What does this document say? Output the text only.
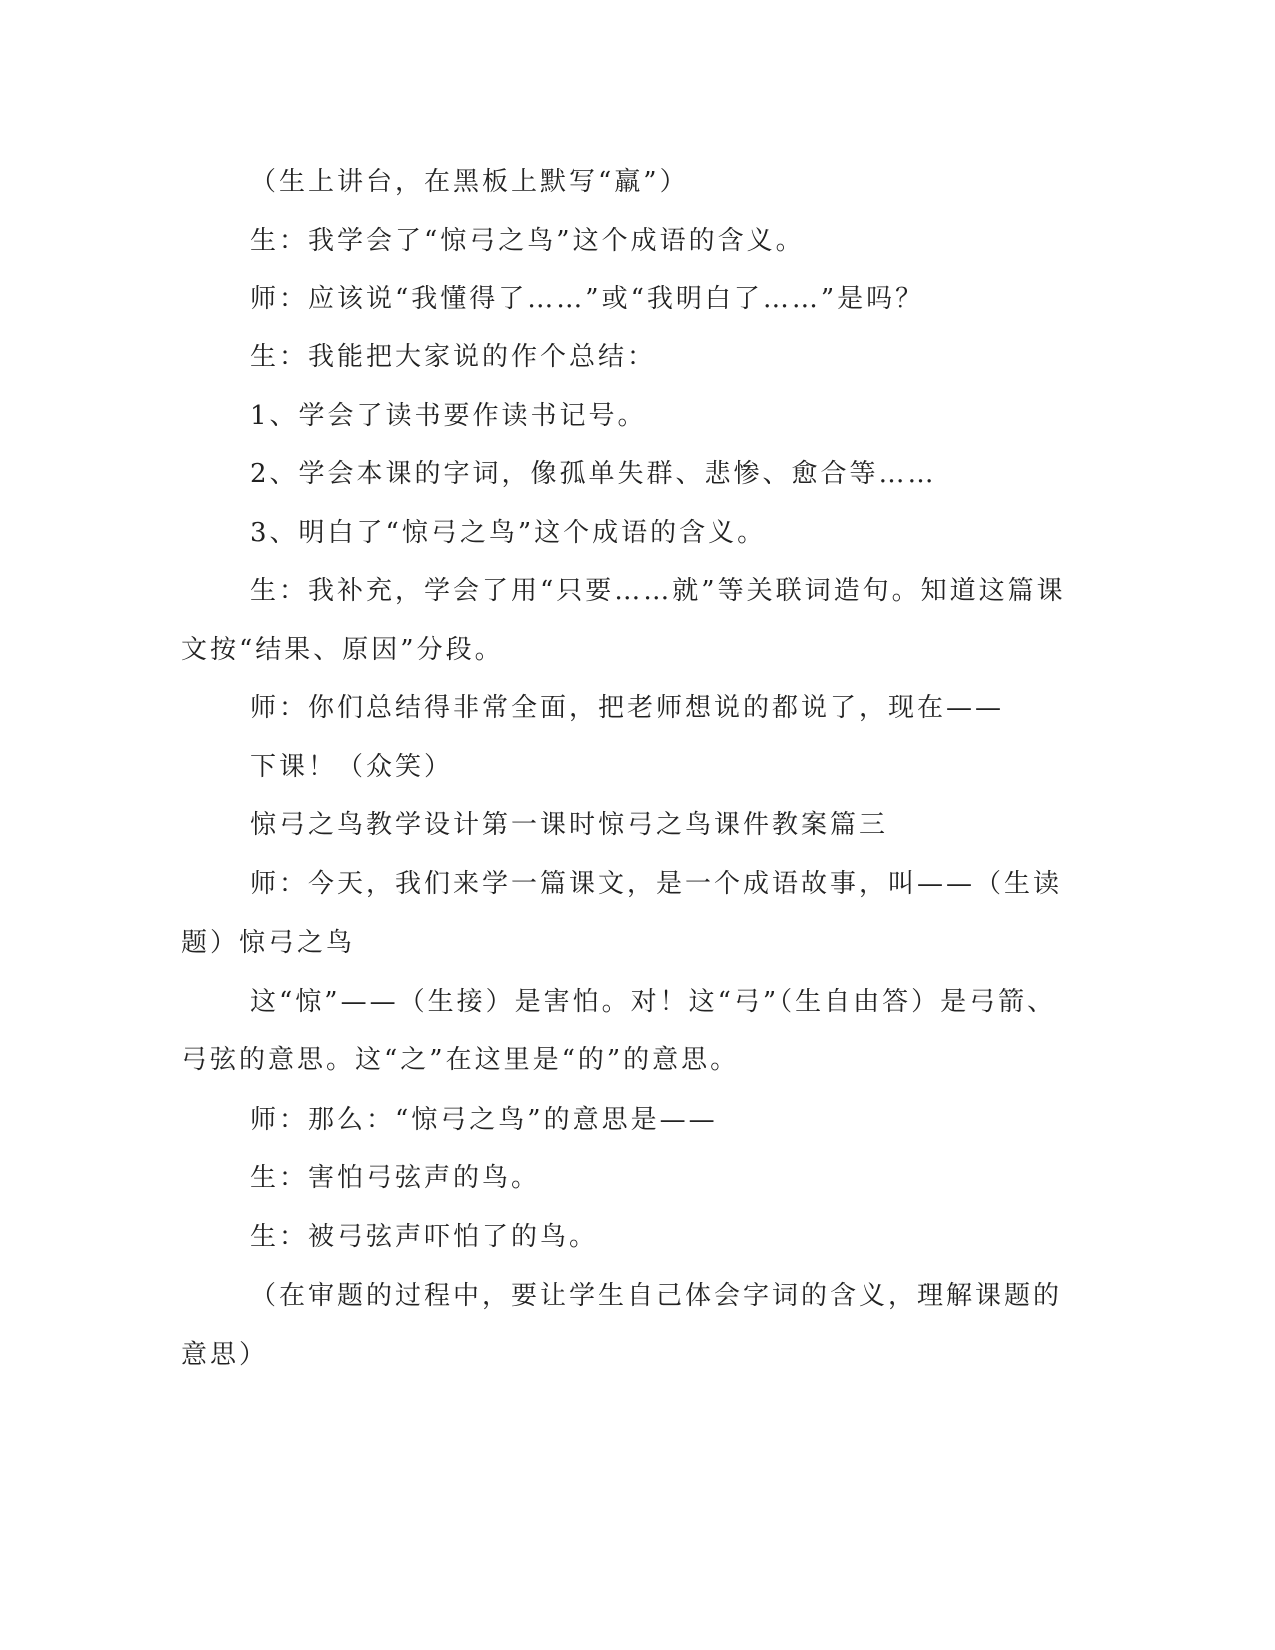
（生上讲台，在黑板上默写“羸”）
生：我学会了“惊弓之鸟”这个成语的含义。
师：应该说“我懂得了……”或“我明白了……”是吗？
生：我能把大家说的作个总结：
1、学会了读书要作读书记号。
2、学会本课的字词，像孤单失群、悲惨、愈合等……
3、明白了“惊弓之鸟”这个成语的含义。
生：我补充，学会了用“只要……就”等关联词造句。知道这篇课
文按“结果、原因”分段。
师：你们总结得非常全面，把老师想说的都说了，现在——
下课！（众笑）
惊弓之鸟教学设计第一课时惊弓之鸟课件教案篇三
师：今天，我们来学一篇课文，是一个成语故事，叫——（生读
题）惊弓之鸟
这“惊”——（生接）是害怕。对！这“弓”（生自由答）是弓箭、
弓弦的意思。这“之”在这里是“的”的意思。
师：那么：“惊弓之鸟”的意思是——
生：害怕弓弦声的鸟。
生：被弓弦声吓怕了的鸟。
（在审题的过程中，要让学生自己体会字词的含义，理解课题的
意思）
